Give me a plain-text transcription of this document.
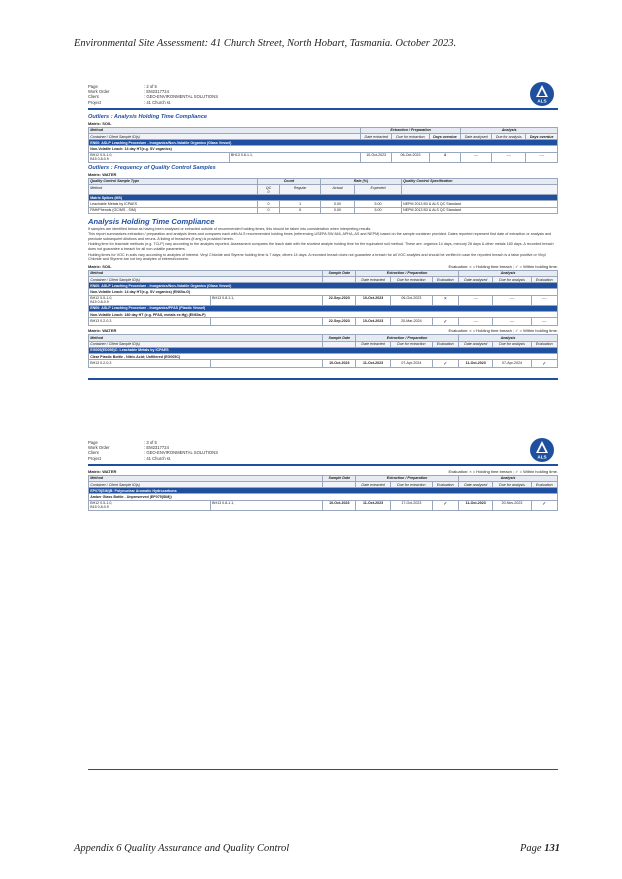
Environmental Site Assessment: 41 Church Street, North Hobart, Tasmania. October 2023.
ALS
Page	: 2 of 5
Work Order	: EM2317724
Client	: GEO-ENVIRONMENTAL SOLUTIONS
Project	: 41 Church st.
Outliers : Analysis Holding Time Compliance
Matrix: SOIL
Method		Extraction / Preparation			Analysis		
Container / Client Sample ID(s)		Date extracted	Due for extraction	Days overdue	Date analysed	Due for analysis	Days overdue
EN60: ASLP Leaching Procedure - Inorganics/Non-Volatile Organics (Glass Vessel)							
Non-Volatile Leach: 14 day HT(e.g. SV organics)							
BH12 0.5-1.0,
B15 0.8-0.9	BH13 0.8-1.1,	10-Oct-2023	06-Oct-2023	4	----	----	----
Outliers : Frequency of Quality Control Samples
Matrix: WATER
Quality Control Sample Type	Count		Rate (%)		Quality Control Specification
Method	QC
0	Regular	Actual	Expected	
Matrix Spikes (MS)					
Leachable Metals by ICPAES	0	1	0.00	5.00	NEPM 2013 B3 & ALS QC Standard
PAH/Phenols (GC/MS - SIM)	0	5	0.00	5.00	NEPM 2013 B3 & ALS QC Standard
Analysis Holding Time Compliance
If samples are identified below as having been analysed or extracted outside of recommended holding times, this should be taken into consideration when interpreting results.
This report summarizes extraction / preparation and analysis times and compares each with ALS recommended holding times (referencing USEPA SW 846, APHA, AS and NEPM) based on the sample container provided. Dates reported represent first date of extraction or analysis and preclude subsequent dilutions and reruns. A listing of breaches (if any) is provided herein.
Holding time for leachate methods (e.g. TCLP) vary according to the analytes reported. Assessment compares the leach date with the shortest analyte holding time for the equivalent soil method. These are: organics 14 days, mercury 28 days & other metals 180 days. A recorded breach does not guarantee a breach for all non-volatile parameters.
Holding times for VOC in soils vary according to analytes of interest. Vinyl Chloride and Styrene holding time is 7 days; others 14 days. A recorded breach does not guarantee a breach for all VOC analytes and should be verified in case the reported breach is a false positive or Vinyl Chloride and Styrene are not key analytes of interest/concern.
Matrix: SOIL	Evaluation: × = Holding time breach ; ✓ = Within holding time.
Method		Sample Date	Extraction / Preparation			Analysis		
Container / Client Sample ID(s)			Date extracted	Due for extraction	Evaluation	Date analysed	Due for analysis	Evaluation
EN60: ASLP Leaching Procedure - Inorganics/Non-Volatile Organics (Glass Vessel)								
Non-Volatile Leach: 14 day HT(e.g. SV organics) (EN60a-G)								
BH12 0.5-1.0,
B15 0.8-0.9	BH13 0.8-1.1,	22-Sep-2023	10-Oct-2023	06-Oct-2023	×	----	----	----
EN60: ASLP Leaching Procedure - Inorganics/PFAS (Plastic Vessel)								
Non-Volatile Leach: 180 day HT (e.g. PFAS, metals ex.Hg) (EN60a-P)								
BH13 0.2-0.3		22-Sep-2023	10-Oct-2023	20-Mar-2024	✓	----	----	----
Matrix: WATER	Evaluation: × = Holding time breach ; ✓ = Within holding time.
Method		Sample Date	Extraction / Preparation			Analysis		
Container / Client Sample ID(s)			Date extracted	Due for extraction	Evaluation	Date analysed	Due for analysis	Evaluation
EG005(ED093)C: Leachable Metals by ICPAES								
Clear Plastic Bottle - Nitric Acid; Unfiltered (EG005C)								
BH13 0.2-0.3		10-Oct-2023	11-Oct-2023	07-Apr-2024	✓	11-Oct-2023	07-Apr-2024	✓
ALS
Page	: 3 of 5
Work Order	: EM2317724
Client	: GEO-ENVIRONMENTAL SOLUTIONS
Project	: 41 Church st.
Matrix: WATER	Evaluation: × = Holding time breach ; ✓ = Within holding time.
Method		Sample Date	Extraction / Preparation			Analysis		
Container / Client Sample ID(s)			Date extracted	Due for extraction	Evaluation	Date analysed	Due for analysis	Evaluation
EP075(SIM)B: Polynuclear Aromatic Hydrocarbons								
Amber Glass Bottle - Unpreserved (EP075(SIM))								
BH12 0.5-1.0,
B15 0.8-0.9	BH13 0.8-1.1,	10-Oct-2023	11-Oct-2023	17-Oct-2023	✓	11-Oct-2023	20-Nov-2023	✓
Appendix 6 Quality Assurance and Quality Control	Page 131
